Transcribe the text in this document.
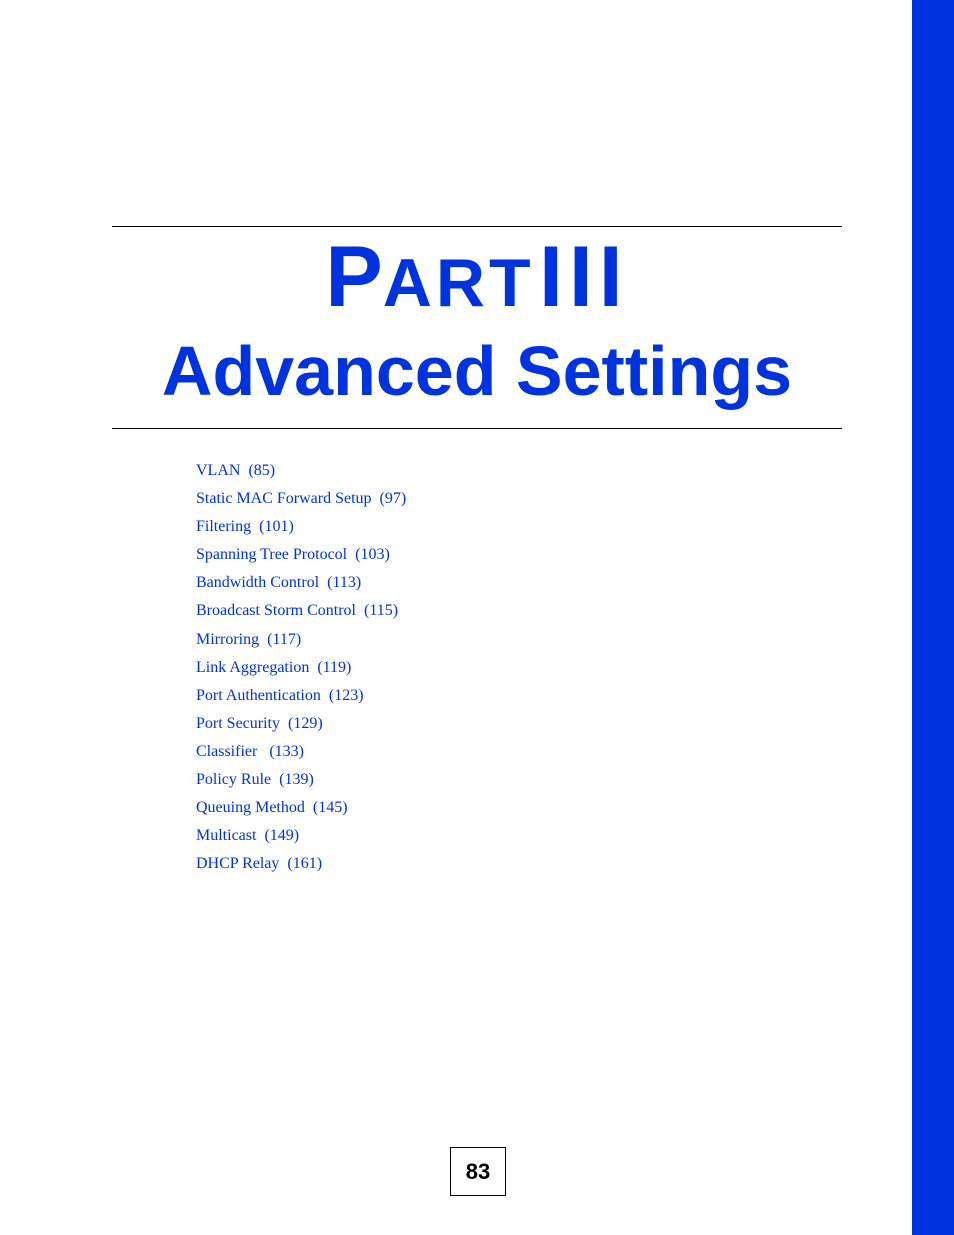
PART III
Advanced Settings
VLAN (85)
Static MAC Forward Setup (97)
Filtering (101)
Spanning Tree Protocol (103)
Bandwidth Control (113)
Broadcast Storm Control (115)
Mirroring (117)
Link Aggregation (119)
Port Authentication (123)
Port Security (129)
Classifier   (133)
Policy Rule (139)
Queuing Method (145)
Multicast (149)
DHCP Relay (161)
83
